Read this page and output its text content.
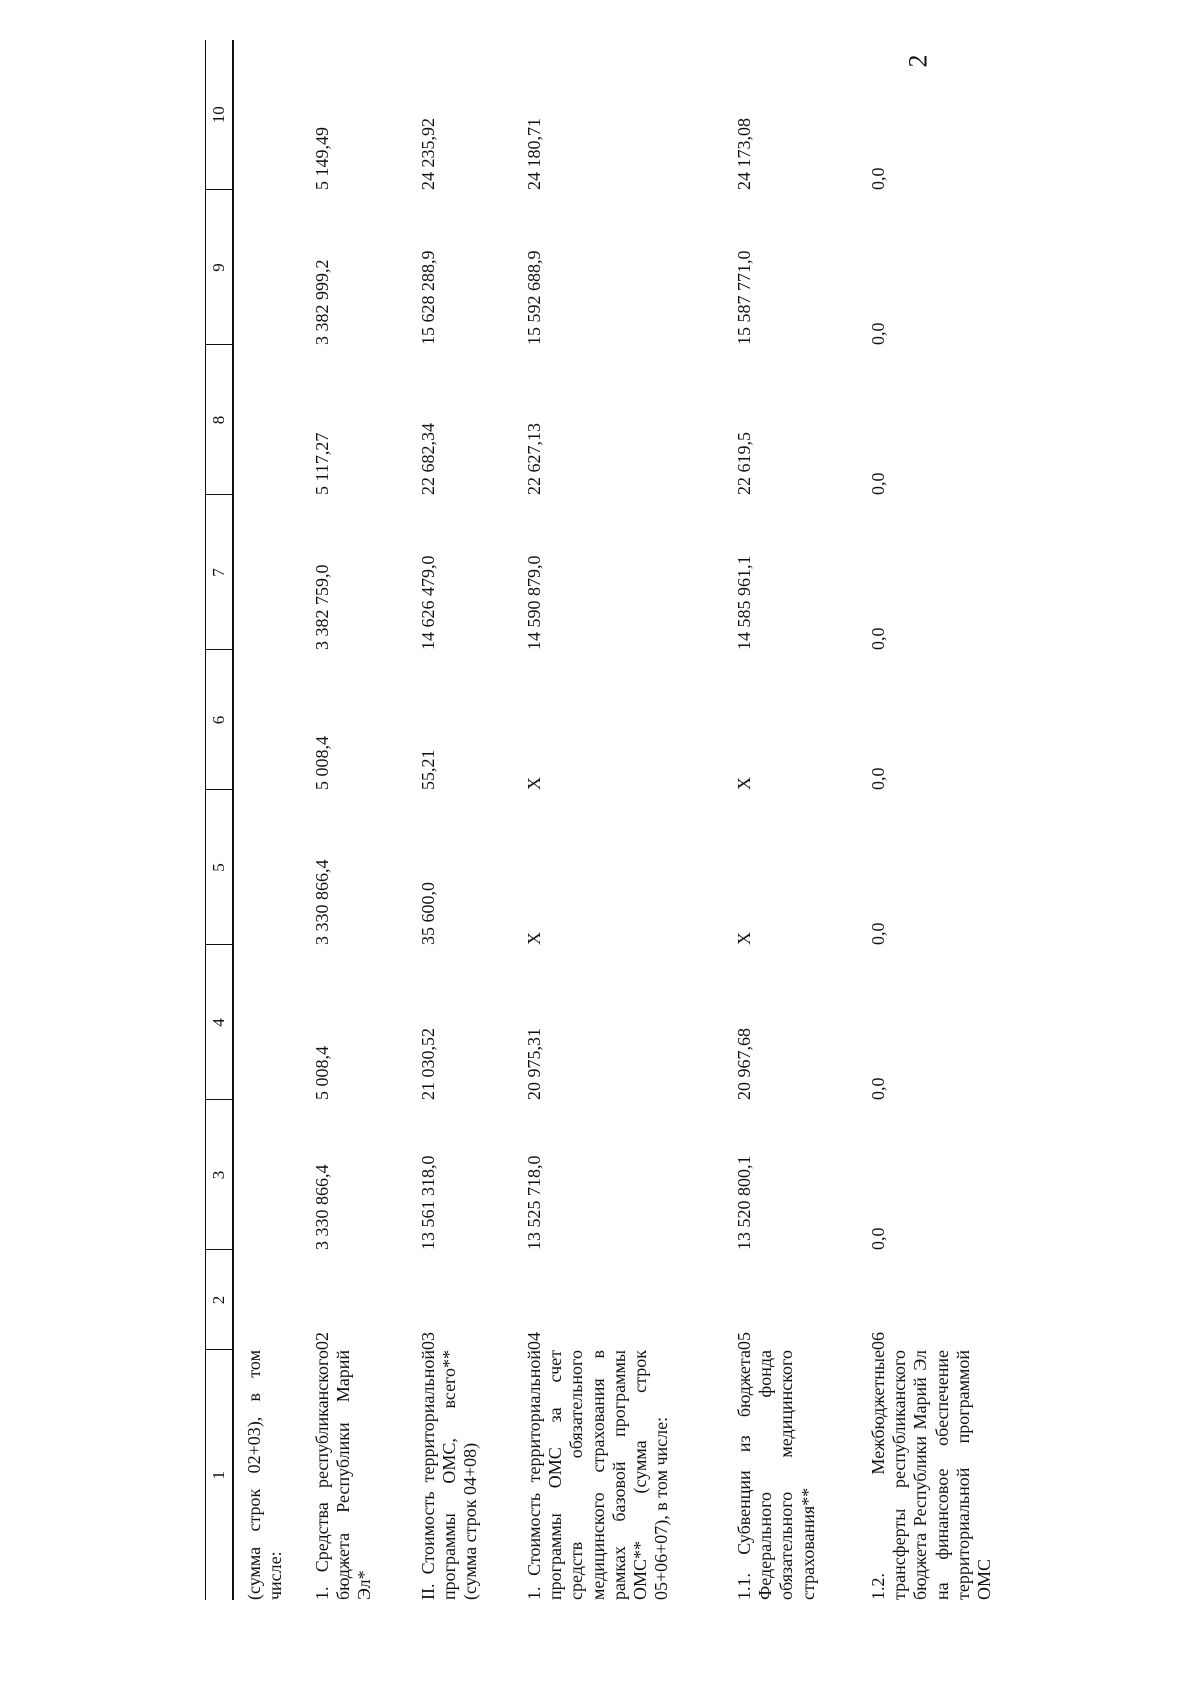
2
1	2	3	4	5	6	7	8	9	10
(сумма строк 02+03), в том числе:									
1. Средства республиканского бюджета Республики Марий Эл*	02	3 330 866,4	5 008,4	3 330 866,4	5 008,4	3 382 759,0	5 117,27	3 382 999,2	5 149,49
II. Стоимость территориальной программы ОМС, всего** (сумма строк 04+08)	03	13 561 318,0	21 030,52	35 600,0	55,21	14 626 479,0	22 682,34	15 628 288,9	24 235,92
1. Стоимость территориальной программы ОМС за счет средств обязательного медицинского страхования в рамках базовой программы ОМС** (сумма строк 05+06+07), в том числе:	04	13 525 718,0	20 975,31	Х	Х	14 590 879,0	22 627,13	15 592 688,9	24 180,71
1.1. Субвенции из бюджета Федерального фонда обязательного медицинского страхования**	05	13 520 800,1	20 967,68	Х	Х	14 585 961,1	22 619,5	15 587 771,0	24 173,08
1.2. Межбюджетные трансферты республиканского бюджета Республики Марий Эл на финансовое обеспечение территориальной программой ОМС	06	0,0	0,0	0,0	0,0	0,0	0,0	0,0	0,0
